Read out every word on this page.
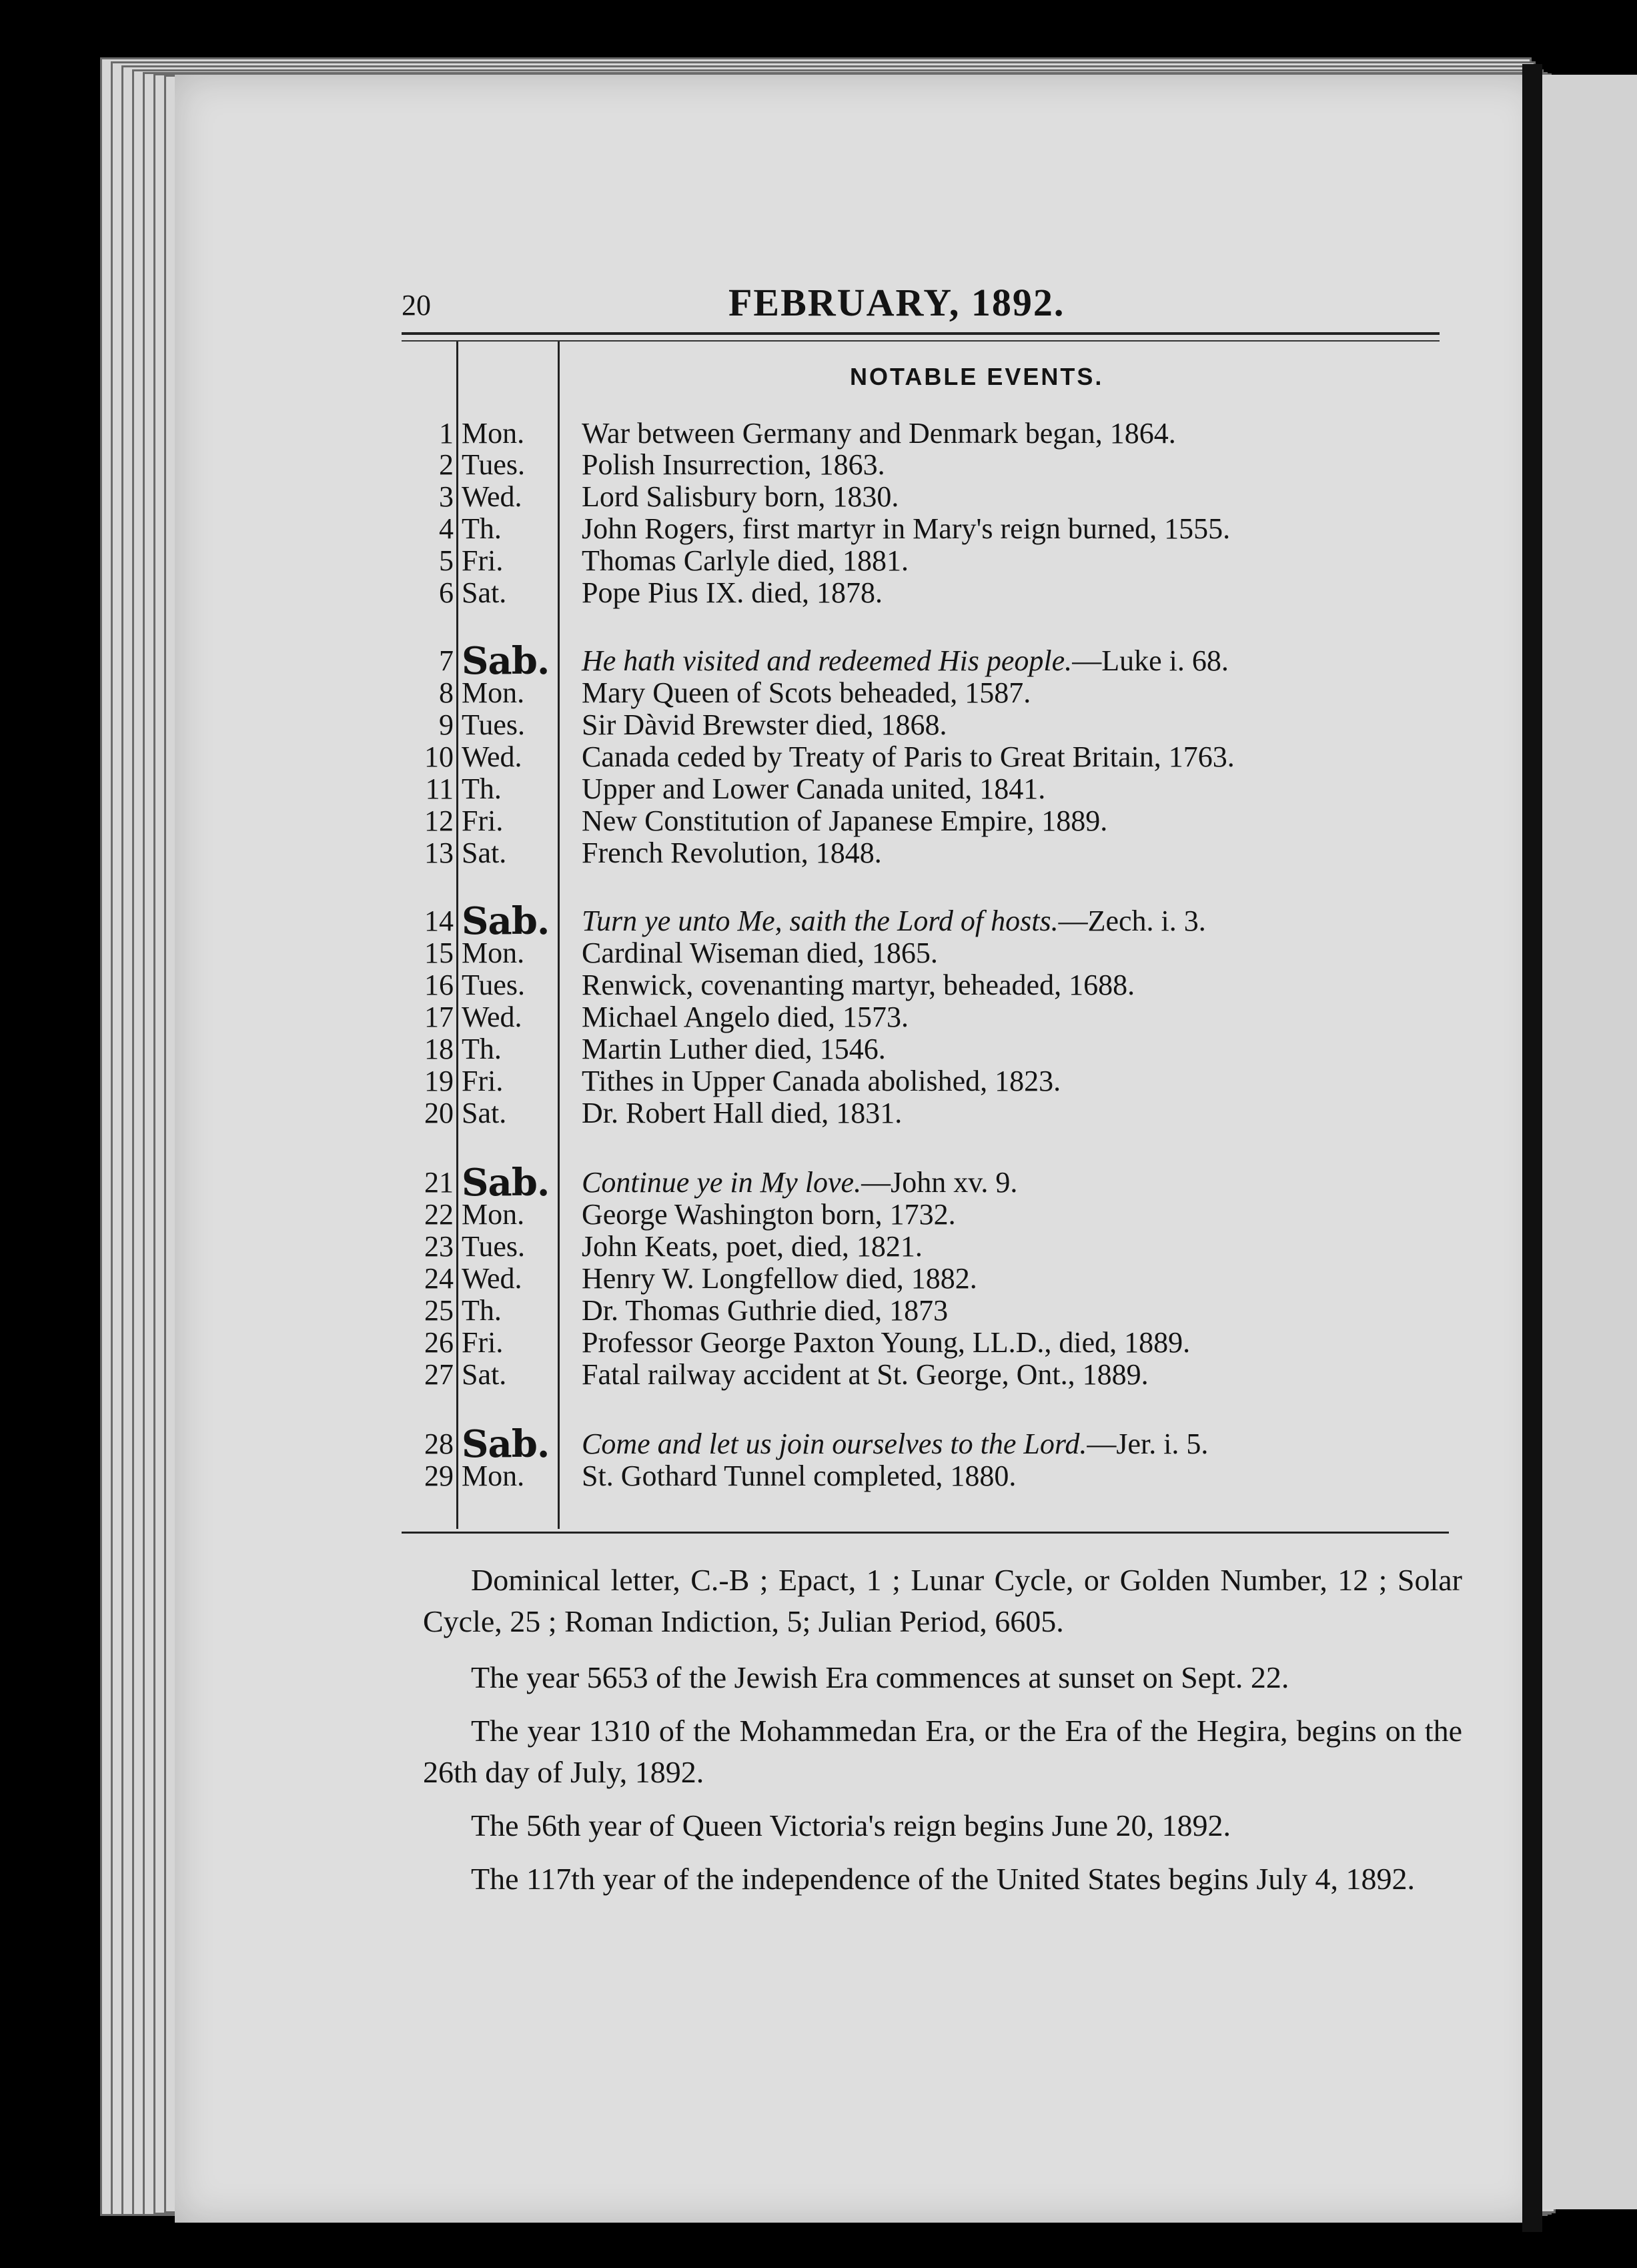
20	FEBRUARY, 1892.
NOTABLE EVENTS.
1 Mon.	War between Germany and Denmark began, 1864.
2 Tues.	Polish Insurrection, 1863.
3 Wed.	Lord Salisbury born, 1830.
4 Th.	John Rogers, first martyr in Mary's reign burned, 1555.
5 Fri.	Thomas Carlyle died, 1881.
6 Sat.	Pope Pius IX. died, 1878.
7 Sab. He hath visited and redeemed His people.—Luke i. 68.
8 Mon.	Mary Queen of Scots beheaded, 1587.
9 Tues.	Sir Dàvid Brewster died, 1868.
10 Wed.	Canada ceded by Treaty of Paris to Great Britain, 1763.
11 Th.	Upper and Lower Canada united, 1841.
12 Fri.	New Constitution of Japanese Empire, 1889.
13 Sat.	French Revolution, 1848.
14 Sab. Turn ye unto Me, saith the Lord of hosts.—Zech. i. 3.
15 Mon.	Cardinal Wiseman died, 1865.
16 Tues.	Renwick, covenanting martyr, beheaded, 1688.
17 Wed.	Michael Angelo died, 1573.
18 Th.	Martin Luther died, 1546.
19 Fri.	Tithes in Upper Canada abolished, 1823.
20 Sat.	Dr. Robert Hall died, 1831.
21 Sab. Continue ye in My love.—John xv. 9.
22 Mon.	George Washington born, 1732.
23 Tues.	John Keats, poet, died, 1821.
24 Wed.	Henry W. Longfellow died, 1882.
25 Th.	Dr. Thomas Guthrie died, 1873
26 Fri.	Professor George Paxton Young, LL.D., died, 1889.
27 Sat.	Fatal railway accident at St. George, Ont., 1889.
28 Sab. Come and let us join ourselves to the Lord.—Jer. i. 5.
29 Mon.	St. Gothard Tunnel completed, 1880.
Dominical letter, C.-B ; Epact, 1 ; Lunar Cycle, or Golden Number, 12 ; Solar Cycle, 25 ; Roman Indiction, 5; Julian Period, 6605.
The year 5653 of the Jewish Era commences at sunset on Sept. 22.
The year 1310 of the Mohammedan Era, or the Era of the Hegira, begins on the 26th day of July, 1892.
The 56th year of Queen Victoria's reign begins June 20, 1892.
The 117th year of the independence of the United States begins July 4, 1892.
